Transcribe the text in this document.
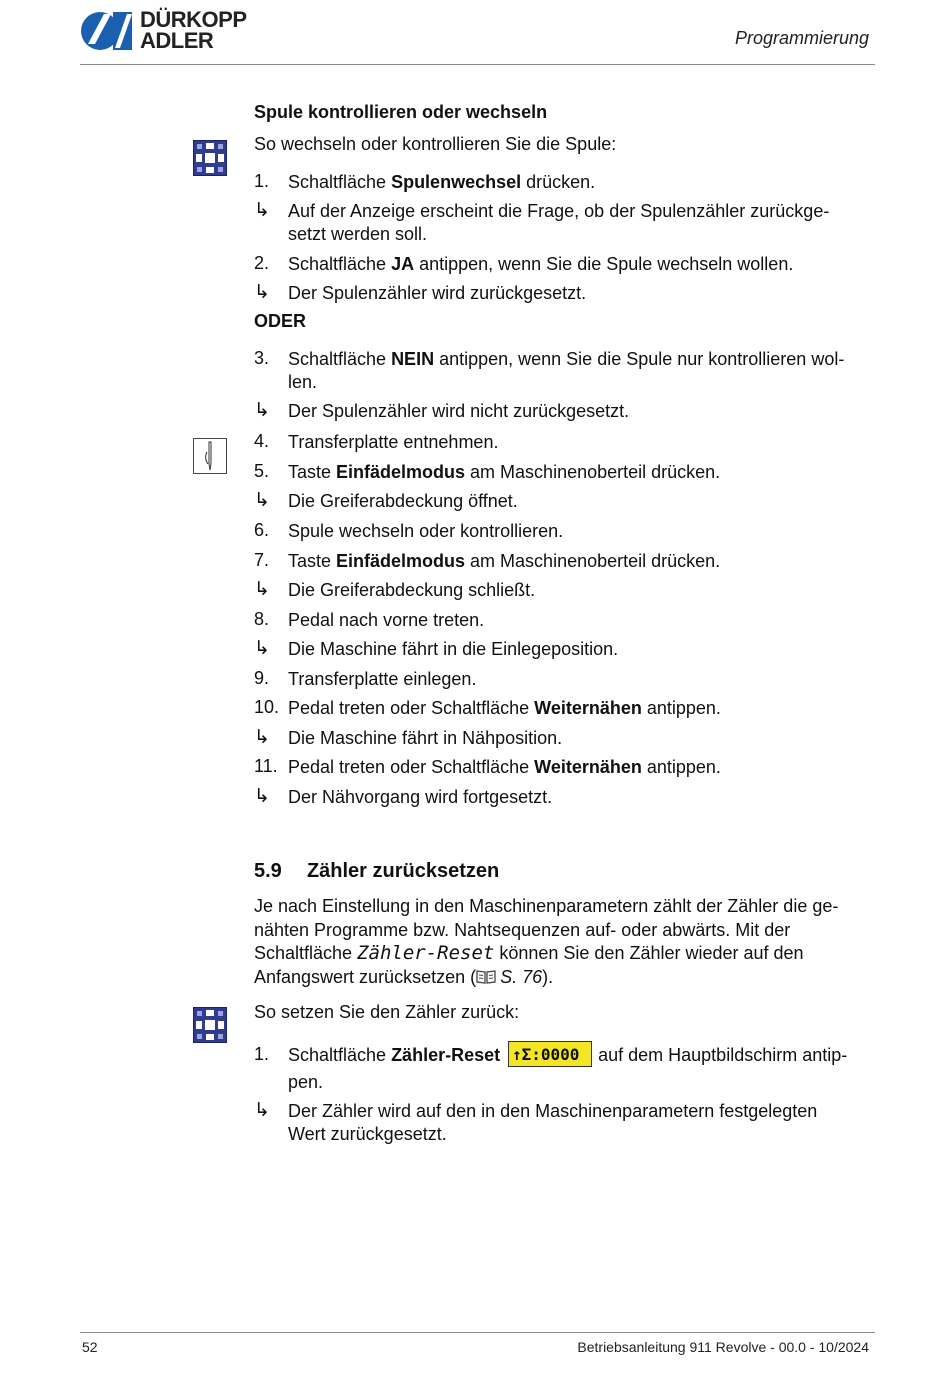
DÜRKOPP
ADLER	Programmierung
Spule kontrollieren oder wechseln
So wechseln oder kontrollieren Sie die Spule:
1. Schaltfläche Spulenwechsel drücken.
↳ Auf der Anzeige erscheint die Frage, ob der Spulenzähler zurückge-
setzt werden soll.
2. Schaltfläche JA antippen, wenn Sie die Spule wechseln wollen.
↳ Der Spulenzähler wird zurückgesetzt.
ODER
3. Schaltfläche NEIN antippen, wenn Sie die Spule nur kontrollieren wol-
len.
↳ Der Spulenzähler wird nicht zurückgesetzt.
4. Transferplatte entnehmen.
5. Taste Einfädelmodus am Maschinenoberteil drücken.
↳ Die Greiferabdeckung öffnet.
6. Spule wechseln oder kontrollieren.
7. Taste Einfädelmodus am Maschinenoberteil drücken.
↳ Die Greiferabdeckung schließt.
8. Pedal nach vorne treten.
↳ Die Maschine fährt in die Einlegeposition.
9. Transferplatte einlegen.
10. Pedal treten oder Schaltfläche Weiternähen antippen.
↳ Die Maschine fährt in Nähposition.
11. Pedal treten oder Schaltfläche Weiternähen antippen.
↳ Der Nähvorgang wird fortgesetzt.
5.9 Zähler zurücksetzen
Je nach Einstellung in den Maschinenparametern zählt der Zähler die ge-
nähten Programme bzw. Nahtsequenzen auf- oder abwärts. Mit der
Schaltfläche Zähler-Reset können Sie den Zähler wieder auf den
Anfangswert zurücksetzen ( S. 76).
So setzen Sie den Zähler zurück:
1. Schaltfläche Zähler-Reset ↑Σ:0000 auf dem Hauptbildschirm antip-
pen.
↳ Der Zähler wird auf den in den Maschinenparametern festgelegten
Wert zurückgesetzt.
52	Betriebsanleitung 911 Revolve - 00.0 - 10/2024
